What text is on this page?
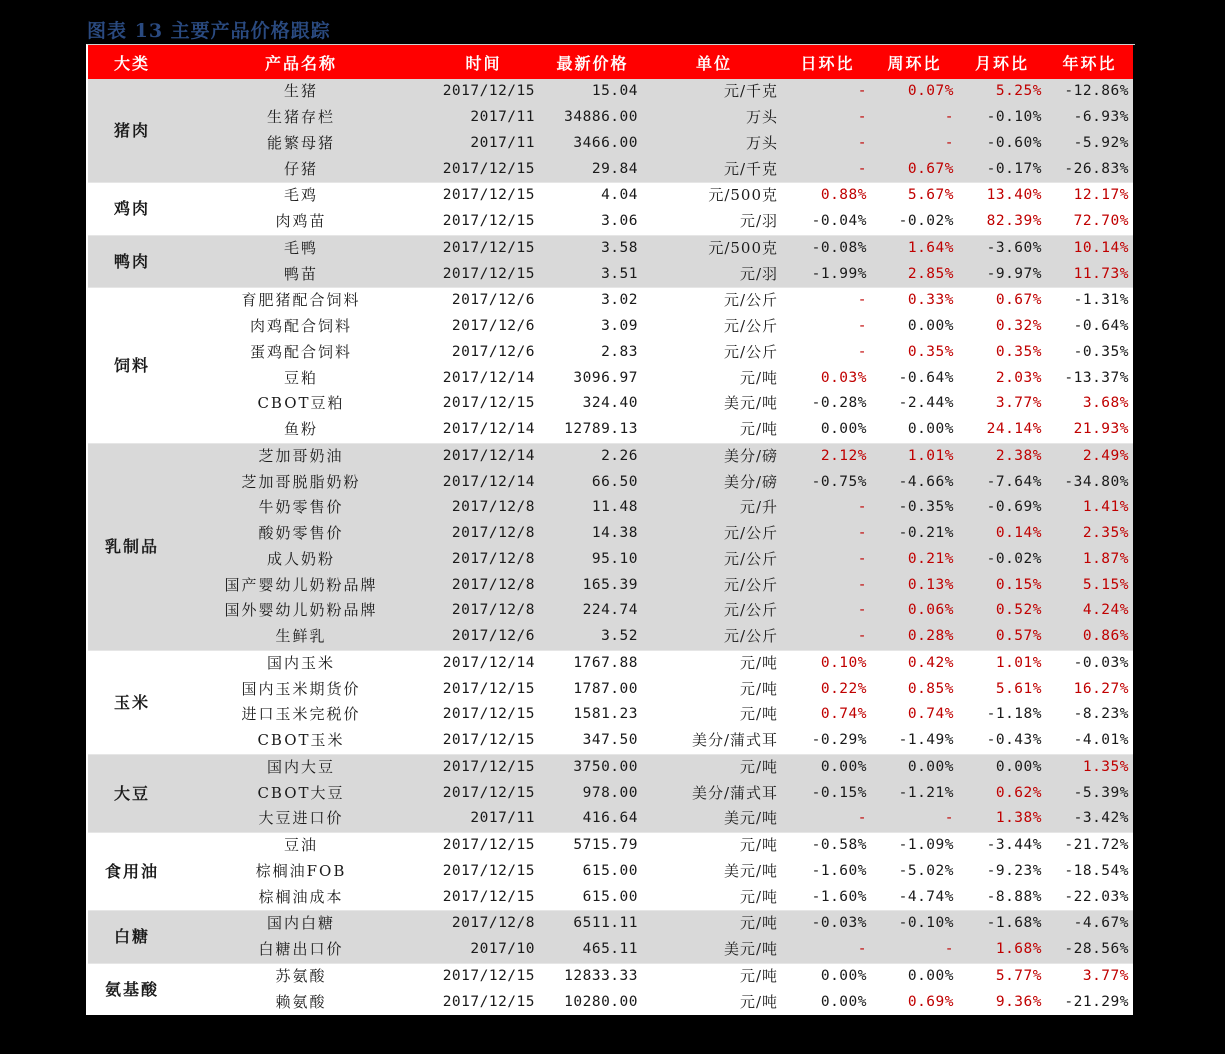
图表 13 主要产品价格跟踪
大类	产品名称	时间	最新价格	单位	日环比	周环比	月环比	年环比
猪肉	生猪	2017/12/15	15.04	元/千克	-	0.07%	5.25%	-12.86%
	生猪存栏	2017/11	34886.00	万头	-	-	-0.10%	-6.93%
	能繁母猪	2017/11	3466.00	万头	-	-	-0.60%	-5.92%
	仔猪	2017/12/15	29.84	元/千克	-	0.67%	-0.17%	-26.83%
鸡肉	毛鸡	2017/12/15	4.04	元/500克	0.88%	5.67%	13.40%	12.17%
	肉鸡苗	2017/12/15	3.06	元/羽	-0.04%	-0.02%	82.39%	72.70%
鸭肉	毛鸭	2017/12/15	3.58	元/500克	-0.08%	1.64%	-3.60%	10.14%
	鸭苗	2017/12/15	3.51	元/羽	-1.99%	2.85%	-9.97%	11.73%
饲料	育肥猪配合饲料	2017/12/6	3.02	元/公斤	-	0.33%	0.67%	-1.31%
	肉鸡配合饲料	2017/12/6	3.09	元/公斤	-	0.00%	0.32%	-0.64%
	蛋鸡配合饲料	2017/12/6	2.83	元/公斤	-	0.35%	0.35%	-0.35%
	豆粕	2017/12/14	3096.97	元/吨	0.03%	-0.64%	2.03%	-13.37%
	CBOT豆粕	2017/12/15	324.40	美元/吨	-0.28%	-2.44%	3.77%	3.68%
	鱼粉	2017/12/14	12789.13	元/吨	0.00%	0.00%	24.14%	21.93%
乳制品	芝加哥奶油	2017/12/14	2.26	美分/磅	2.12%	1.01%	2.38%	2.49%
	芝加哥脱脂奶粉	2017/12/14	66.50	美分/磅	-0.75%	-4.66%	-7.64%	-34.80%
	牛奶零售价	2017/12/8	11.48	元/升	-	-0.35%	-0.69%	1.41%
	酸奶零售价	2017/12/8	14.38	元/公斤	-	-0.21%	0.14%	2.35%
	成人奶粉	2017/12/8	95.10	元/公斤	-	0.21%	-0.02%	1.87%
	国产婴幼儿奶粉品牌	2017/12/8	165.39	元/公斤	-	0.13%	0.15%	5.15%
	国外婴幼儿奶粉品牌	2017/12/8	224.74	元/公斤	-	0.06%	0.52%	4.24%
	生鲜乳	2017/12/6	3.52	元/公斤	-	0.28%	0.57%	0.86%
玉米	国内玉米	2017/12/14	1767.88	元/吨	0.10%	0.42%	1.01%	-0.03%
	国内玉米期货价	2017/12/15	1787.00	元/吨	0.22%	0.85%	5.61%	16.27%
	进口玉米完税价	2017/12/15	1581.23	元/吨	0.74%	0.74%	-1.18%	-8.23%
	CBOT玉米	2017/12/15	347.50	美分/蒲式耳	-0.29%	-1.49%	-0.43%	-4.01%
大豆	国内大豆	2017/12/15	3750.00	元/吨	0.00%	0.00%	0.00%	1.35%
	CBOT大豆	2017/12/15	978.00	美分/蒲式耳	-0.15%	-1.21%	0.62%	-5.39%
	大豆进口价	2017/11	416.64	美元/吨	-	-	1.38%	-3.42%
食用油	豆油	2017/12/15	5715.79	元/吨	-0.58%	-1.09%	-3.44%	-21.72%
	棕榈油FOB	2017/12/15	615.00	美元/吨	-1.60%	-5.02%	-9.23%	-18.54%
	棕榈油成本	2017/12/15	615.00	元/吨	-1.60%	-4.74%	-8.88%	-22.03%
白糖	国内白糖	2017/12/8	6511.11	元/吨	-0.03%	-0.10%	-1.68%	-4.67%
	白糖出口价	2017/10	465.11	美元/吨	-	-	1.68%	-28.56%
氨基酸	苏氨酸	2017/12/15	12833.33	元/吨	0.00%	0.00%	5.77%	3.77%
	赖氨酸	2017/12/15	10280.00	元/吨	0.00%	0.69%	9.36%	-21.29%
